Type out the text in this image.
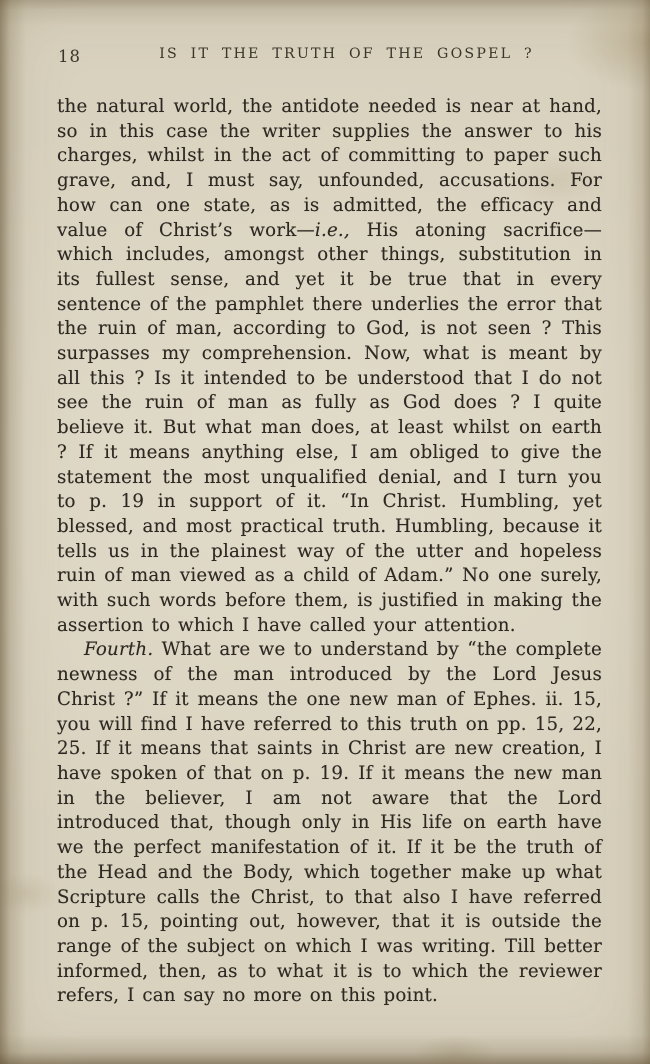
18	IS IT THE TRUTH OF THE GOSPEL ?

the natural world, the antidote needed is near at hand, so in this case the writer supplies the answer to his charges, whilst in the act of committing to paper such grave, and, I must say, unfounded, accusations. For how can one state, as is admitted, the efficacy and value of Christ’s work—i.e., His atoning sacrifice—which includes, amongst other things, substitution in its fullest sense, and yet it be true that in every sentence of the pamphlet there underlies the error that the ruin of man, according to God, is not seen ? This surpasses my comprehension. Now, what is meant by all this ? Is it intended to be understood that I do not see the ruin of man as fully as God does ? I quite believe it. But what man does, at least whilst on earth ? If it means anything else, I am obliged to give the statement the most unqualified denial, and I turn you to p. 19 in support of it. “In Christ. Humbling, yet blessed, and most practical truth. Humbling, because it tells us in the plainest way of the utter and hopeless ruin of man viewed as a child of Adam.” No one surely, with such words before them, is justified in making the assertion to which I have called your attention.

Fourth. What are we to understand by “the complete newness of the man introduced by the Lord Jesus Christ ?” If it means the one new man of Ephes. ii. 15, you will find I have referred to this truth on pp. 15, 22, 25. If it means that saints in Christ are new creation, I have spoken of that on p. 19. If it means the new man in the believer, I am not aware that the Lord introduced that, though only in His life on earth have we the perfect manifestation of it. If it be the truth of the Head and the Body, which together make up what Scripture calls the Christ, to that also I have referred on p. 15, pointing out, however, that it is outside the range of the subject on which I was writing. Till better informed, then, as to what it is to which the reviewer refers, I can say no more on this point.
